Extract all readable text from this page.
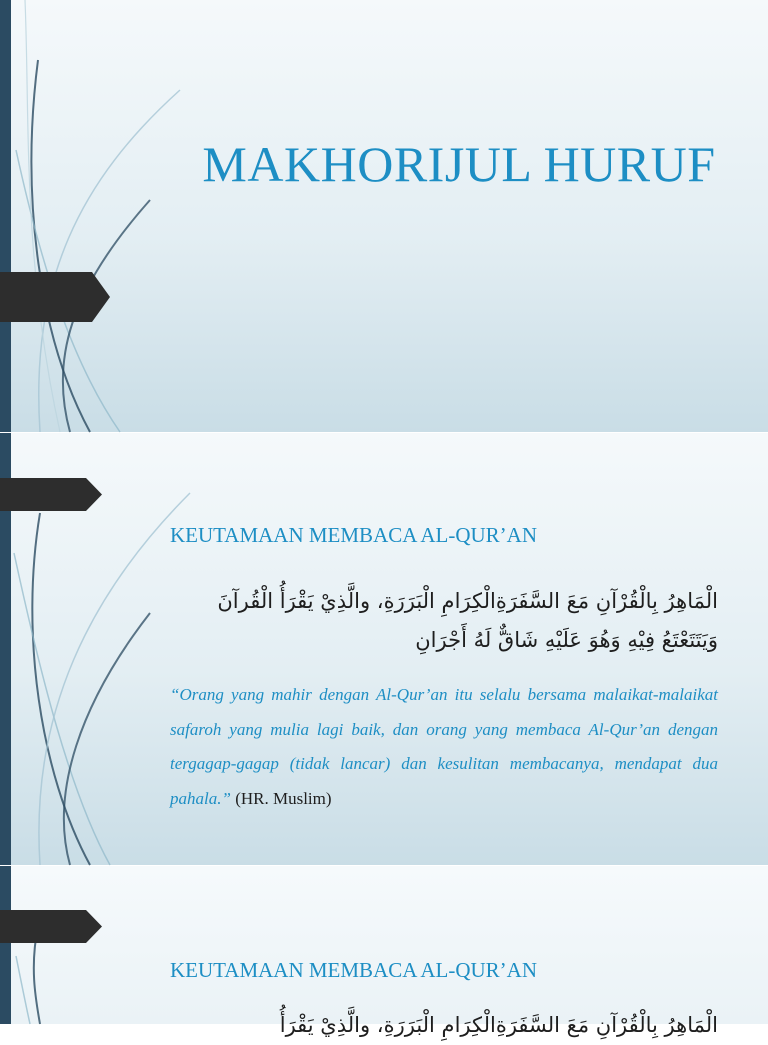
MAKHORIJUL HURUF
KEUTAMAAN MEMBACA AL-QUR’AN
الْمَاهِرُ بِالْقُرْآنِ مَعَ السَّفَرَةِالْكِرَامِ الْبَرَرَةِ، والَّذِيْ يَقْرَأُ الْقُرآنَ وَيَتَتَعْتَعُ فِيْهِ وَهُوَ عَلَيْهِ شَاقٌّ لَهُ أَجْرَانِ
“Orang yang mahir dengan Al-Qur’an itu selalu bersama malaikat-malaikat safaroh yang mulia lagi baik, dan orang yang membaca Al-Qur’an dengan tergagap-gagap (tidak lancar) dan kesulitan membacanya, mendapat dua pahala.” (HR. Muslim)
KEUTAMAAN MEMBACA AL-QUR’AN
الْمَاهِرُ بِالْقُرْآنِ مَعَ السَّفَرَةِالْكِرَامِ الْبَرَرَةِ، والَّذِيْ يَقْرَأُ
